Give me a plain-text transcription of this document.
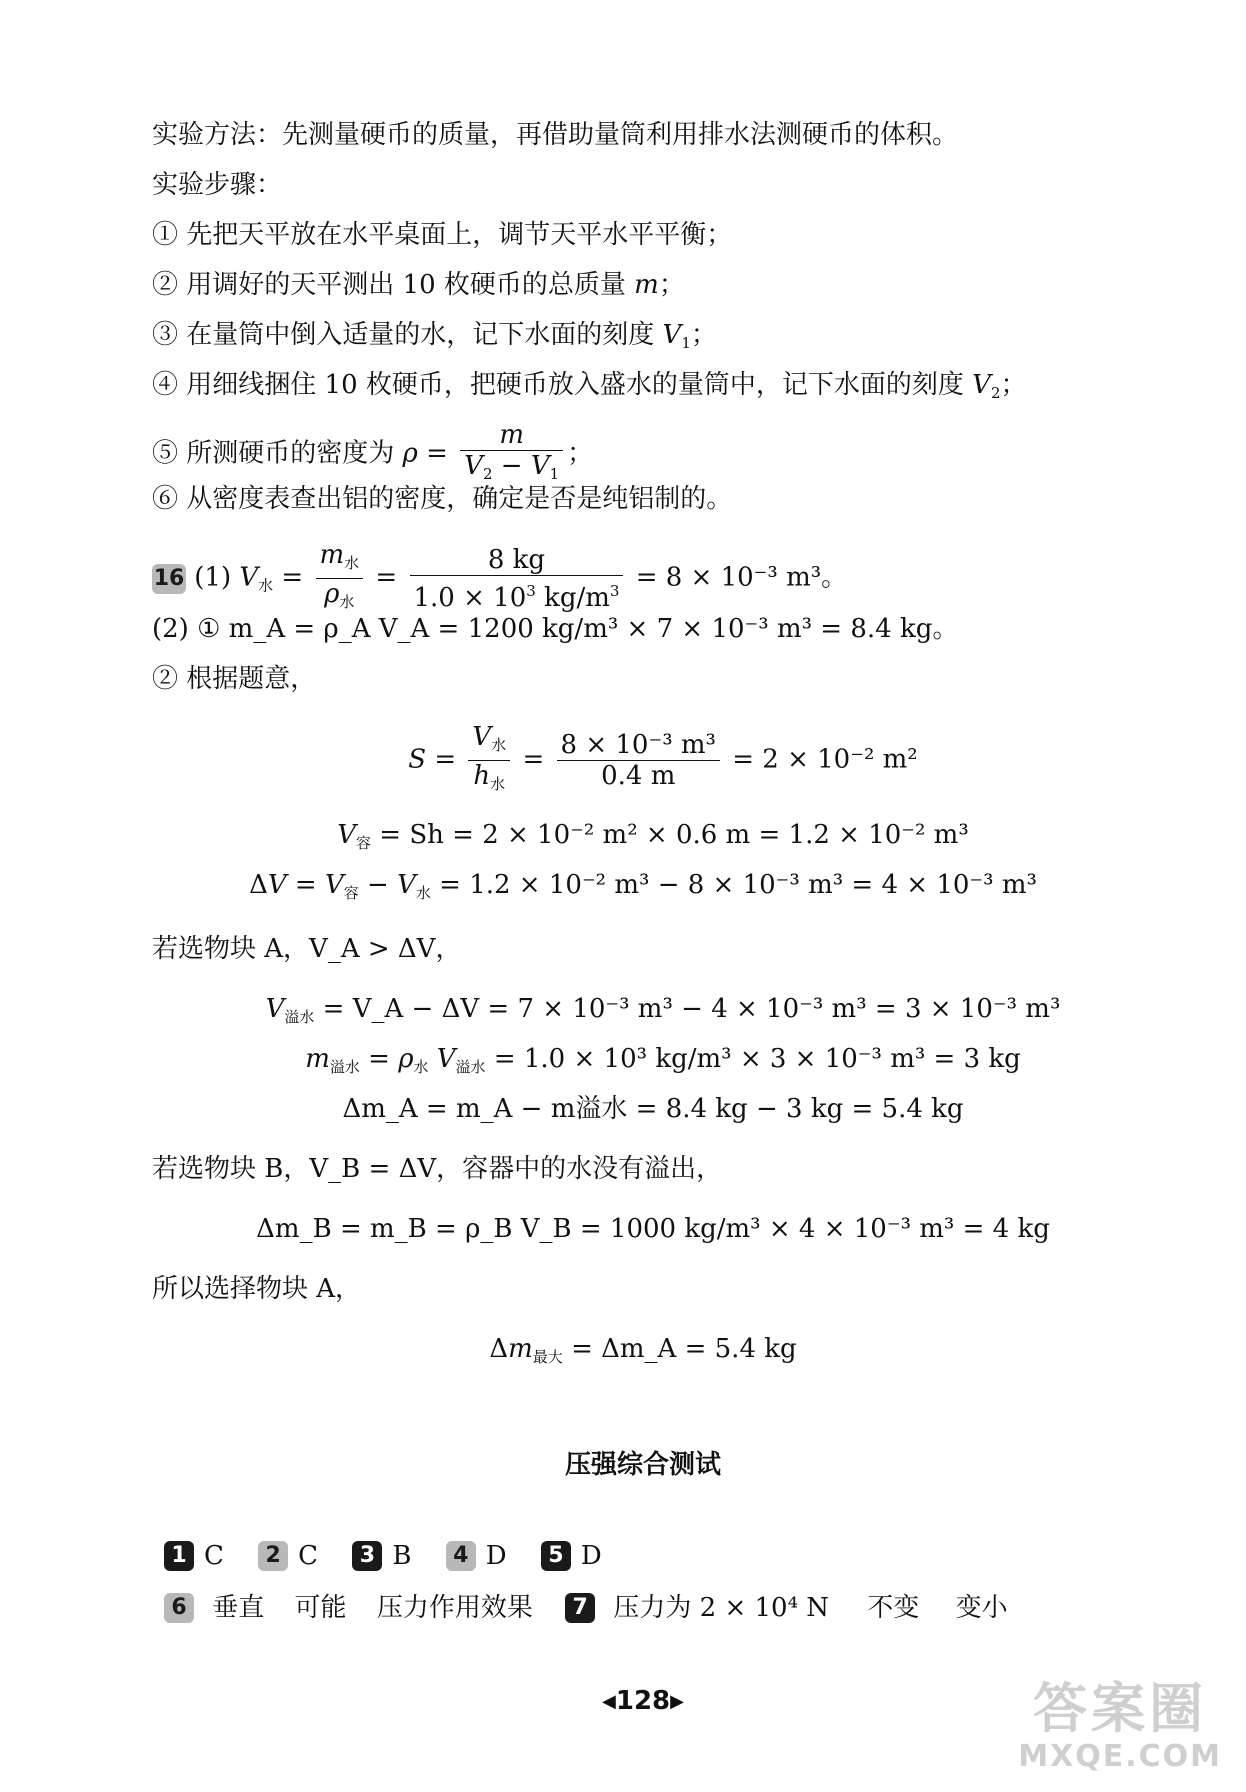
实验方法：先测量硬币的质量，再借助量筒利用排水法测硬币的体积。
实验步骤：
① 先把天平放在水平桌面上，调节天平水平平衡；
② 用调好的天平测出 10 枚硬币的总质量 m；
③ 在量筒中倒入适量的水，记下水面的刻度 $V_1$；
④ 用细线捆住 10 枚硬币，把硬币放入盛水的量筒中，记下水面的刻度 $V_2$；
⑤ 所测硬币的密度为 $\rho = \frac{m}{V_2 - V_1}$ ；
⑥ 从密度表查出铝的密度，确定是否是纯铝制的。
16 (1) $V_水 = \frac{m_水}{\rho_水} = \frac{8 kg}{1.0 \times 10^3 kg/m^3} = 8 \times 10^{-3}$ m³。
(2) ① m_A = ρ_A V_A = 1200 kg/m³ × 7 × 10⁻³ m³ = 8.4 kg。
② 根据题意，
$S = \frac{V_水}{h_水} = \frac{\text{8 × 10⁻³ m³}}{0.4 m} = 2 \times 10^{-2}$ m²
$V_容 = Sh = 2 \times 10^{-2}$ m² × 0.6 m = 1.2 × 10⁻² m³
$\Delta V = V_容 - V_水 = 1.2 \times 10^{-2}$ m³ − 8 × 10⁻³ m³ = 4 × 10⁻³ m³
若选物块 A，V_A > ΔV，
$V_{溢水}$ = V_A − ΔV = 7 × 10⁻³ m³ − 4 × 10⁻³ m³ = 3 × 10⁻³ m³
$m_{溢水} = \rho_水$ $V_{溢水} = 1.0 \times 10^3$ kg/m³ × 3 × 10⁻³ m³ = 3 kg
Δm_A = m_A − m溢水 = 8.4 kg − 3 kg = 5.4 kg
若选物块 B，V_B = ΔV，容器中的水没有溢出，
Δm_B = m_B = ρ_B V_B = 1000 kg/m³ × 4 × 10⁻³ m³ = 4 kg
所以选择物块 A，
$\Delta m_{最大}$ = Δm_A = 5.4 kg
压强综合测试
1 C 2 C 3 B 4 D 5 D
6 垂直 可能 压力作用效果 7 压力为 2 × 10⁴ N 不变 变小
◀128▶	答案圈
MXQE.COM
